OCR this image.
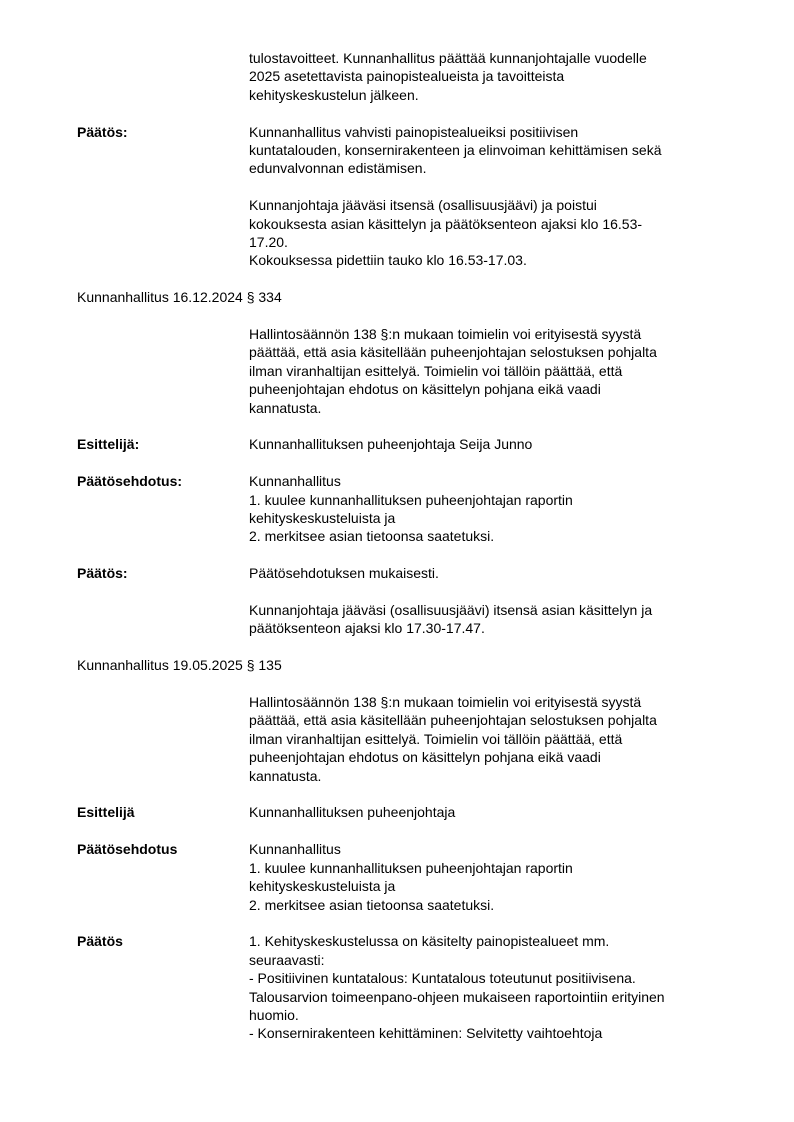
tulostavoitteet. Kunnanhallitus päättää kunnanjohtajalle vuodelle
2025 asetettavista painopistealueista ja tavoitteista
kehityskeskustelun jälkeen.
Päätös:	Kunnanhallitus vahvisti painopistealueiksi positiivisen
kuntatalouden, konsernirakenteen ja elinvoiman kehittämisen sekä
edunvalvonnan edistämisen.
Kunnanjohtaja jääväsi itsensä (osallisuusjäävi) ja poistui
kokouksesta asian käsittelyn ja päätöksenteon ajaksi klo 16.53-
17.20.
Kokouksessa pidettiin tauko klo 16.53-17.03.
Kunnanhallitus 16.12.2024 § 334
Hallintosäännön 138 §:n mukaan toimielin voi erityisestä syystä
päättää, että asia käsitellään puheenjohtajan selostuksen pohjalta
ilman viranhaltijan esittelyä. Toimielin voi tällöin päättää, että
puheenjohtajan ehdotus on käsittelyn pohjana eikä vaadi
kannatusta.
Esittelijä:	Kunnanhallituksen puheenjohtaja Seija Junno
Päätösehdotus:	Kunnanhallitus
1. kuulee kunnanhallituksen puheenjohtajan raportin
kehityskeskusteluista ja
2. merkitsee asian tietoonsa saatetuksi.
Päätös:	Päätösehdotuksen mukaisesti.
Kunnanjohtaja jääväsi (osallisuusjäävi) itsensä asian käsittelyn ja
päätöksenteon ajaksi klo 17.30-17.47.
Kunnanhallitus 19.05.2025 § 135
Hallintosäännön 138 §:n mukaan toimielin voi erityisestä syystä
päättää, että asia käsitellään puheenjohtajan selostuksen pohjalta
ilman viranhaltijan esittelyä. Toimielin voi tällöin päättää, että
puheenjohtajan ehdotus on käsittelyn pohjana eikä vaadi
kannatusta.
Esittelijä	Kunnanhallituksen puheenjohtaja
Päätösehdotus	Kunnanhallitus
1. kuulee kunnanhallituksen puheenjohtajan raportin
kehityskeskusteluista ja
2. merkitsee asian tietoonsa saatetuksi.
Päätös	1. Kehityskeskustelussa on käsitelty painopistealueet mm.
seuraavasti:
- Positiivinen kuntatalous: Kuntatalous toteutunut positiivisena.
Talousarvion toimeenpano-ohjeen mukaiseen raportointiin erityinen
huomio.
- Konsernirakenteen kehittäminen: Selvitetty vaihtoehtoja
